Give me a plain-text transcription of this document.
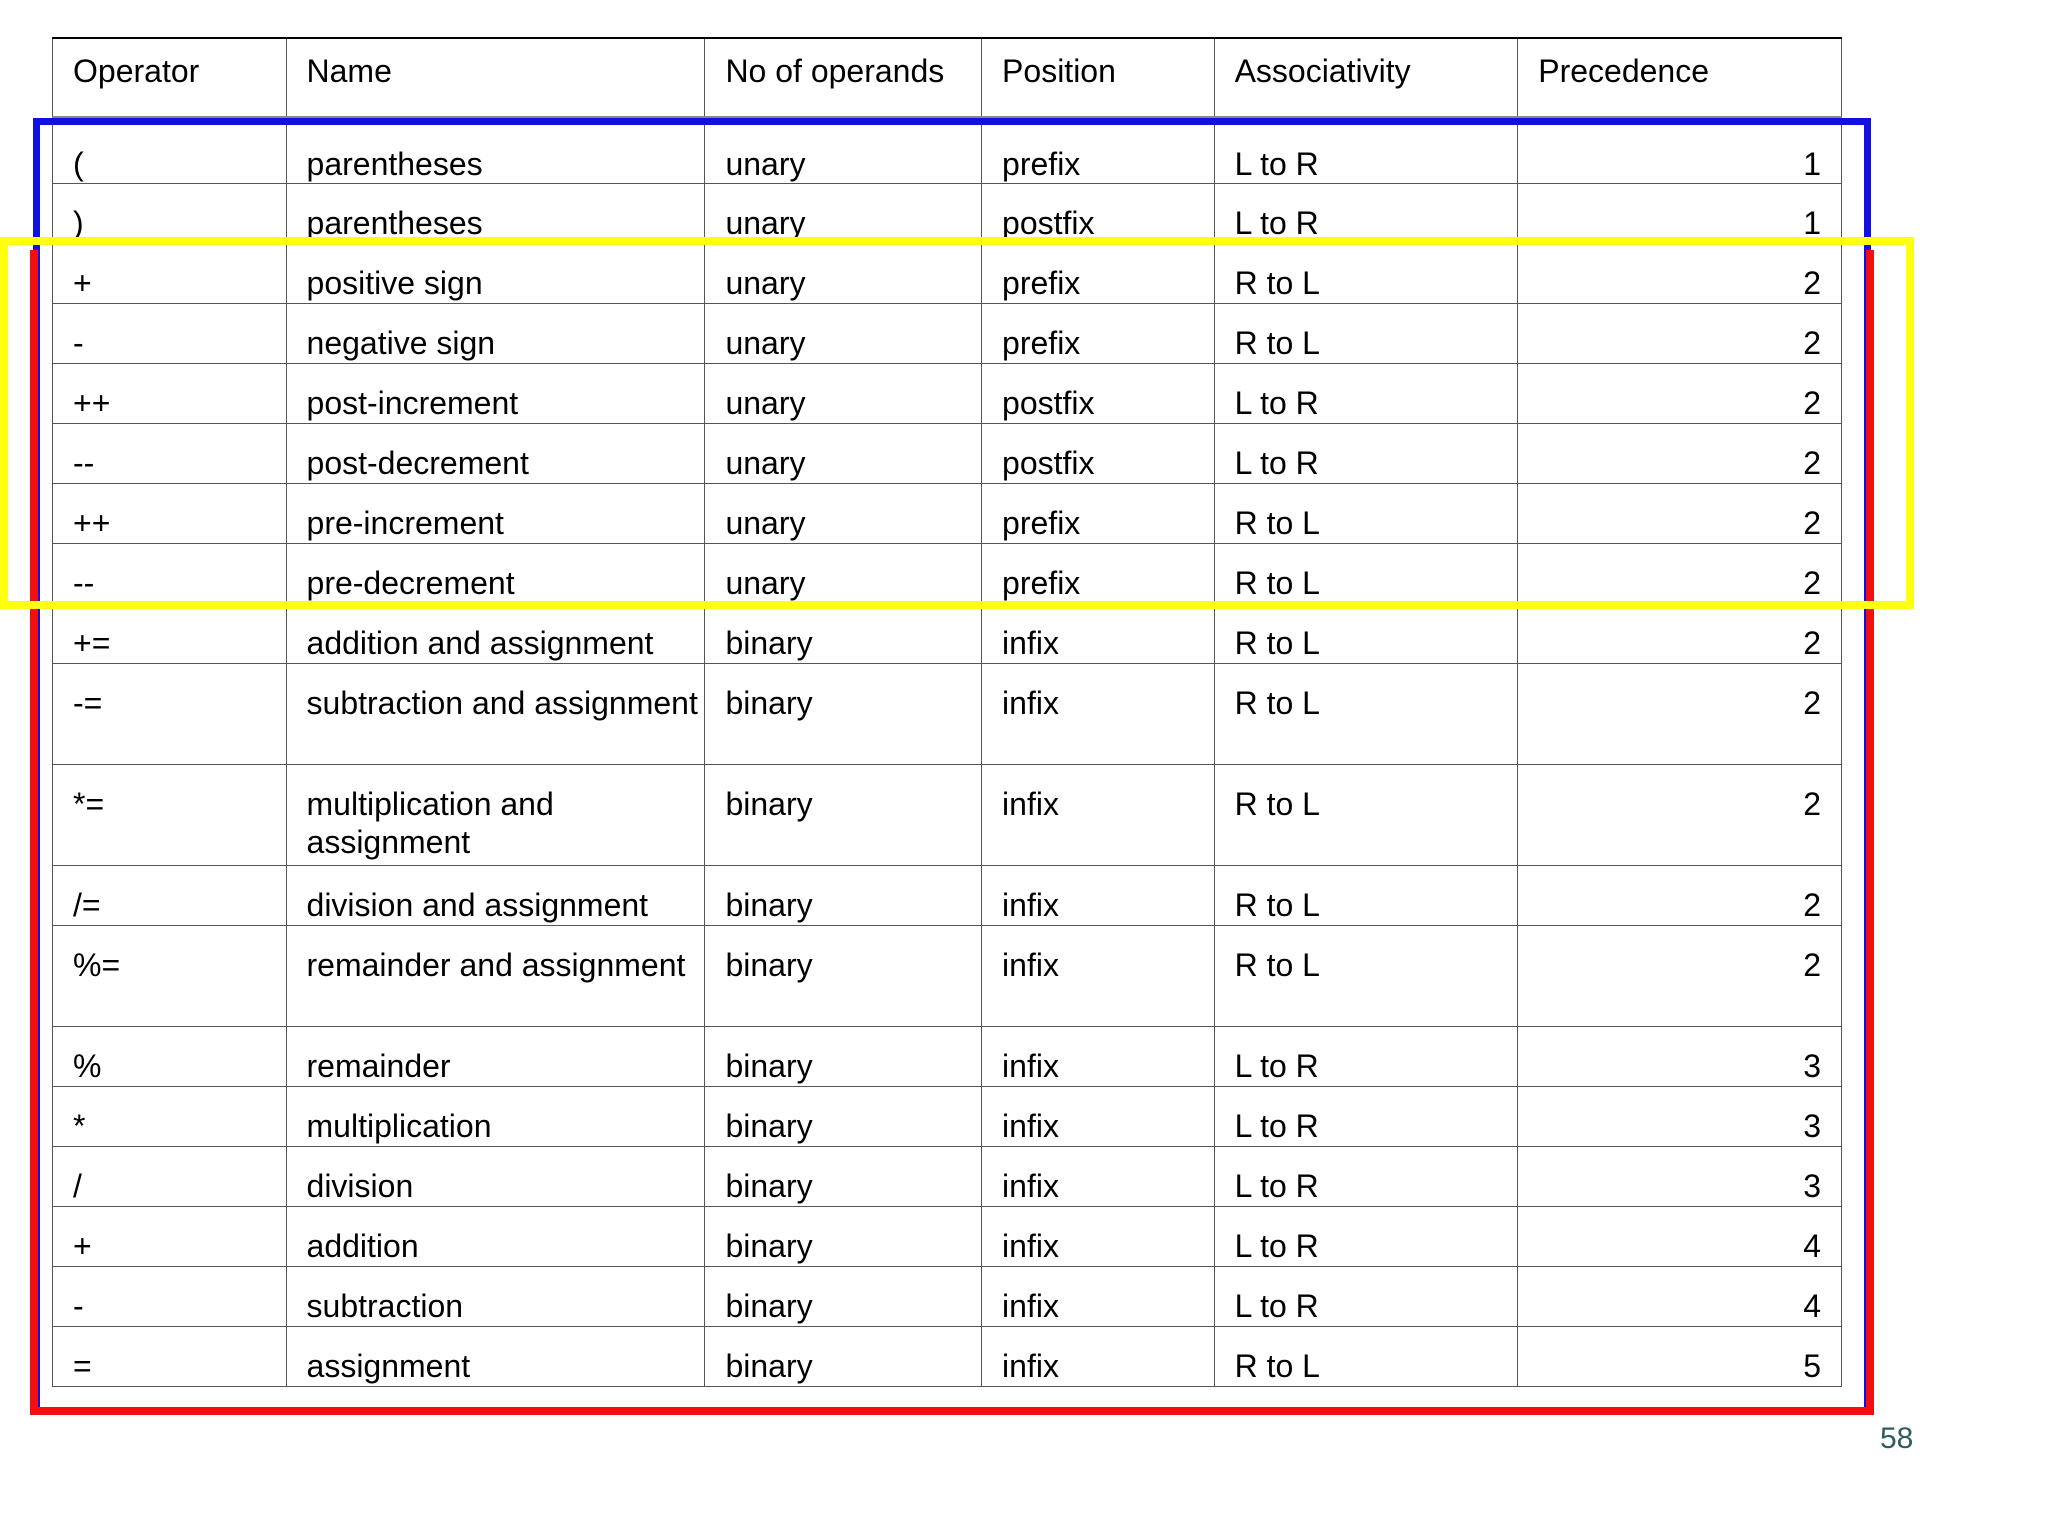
Operator	Name	No of operands	Position	Associativity	Precedence
(	parentheses	unary	prefix	L to R	1
)	parentheses	unary	postfix	L to R	1
+	positive sign	unary	prefix	R to L	2
-	negative sign	unary	prefix	R to L	2
++	post-increment	unary	postfix	L to R	2
--	post-decrement	unary	postfix	L to R	2
++	pre-increment	unary	prefix	R to L	2
--	pre-decrement	unary	prefix	R to L	2
+=	addition and assignment	binary	infix	R to L	2
-=	subtraction and assignment	binary	infix	R to L	2
*=	multiplication and assignment	binary	infix	R to L	2
/=	division and assignment	binary	infix	R to L	2
%=	remainder and assignment	binary	infix	R to L	2
%	remainder	binary	infix	L to R	3
*	multiplication	binary	infix	L to R	3
/	division	binary	infix	L to R	3
+	addition	binary	infix	L to R	4
-	subtraction	binary	infix	L to R	4
=	assignment	binary	infix	R to L	5
58
